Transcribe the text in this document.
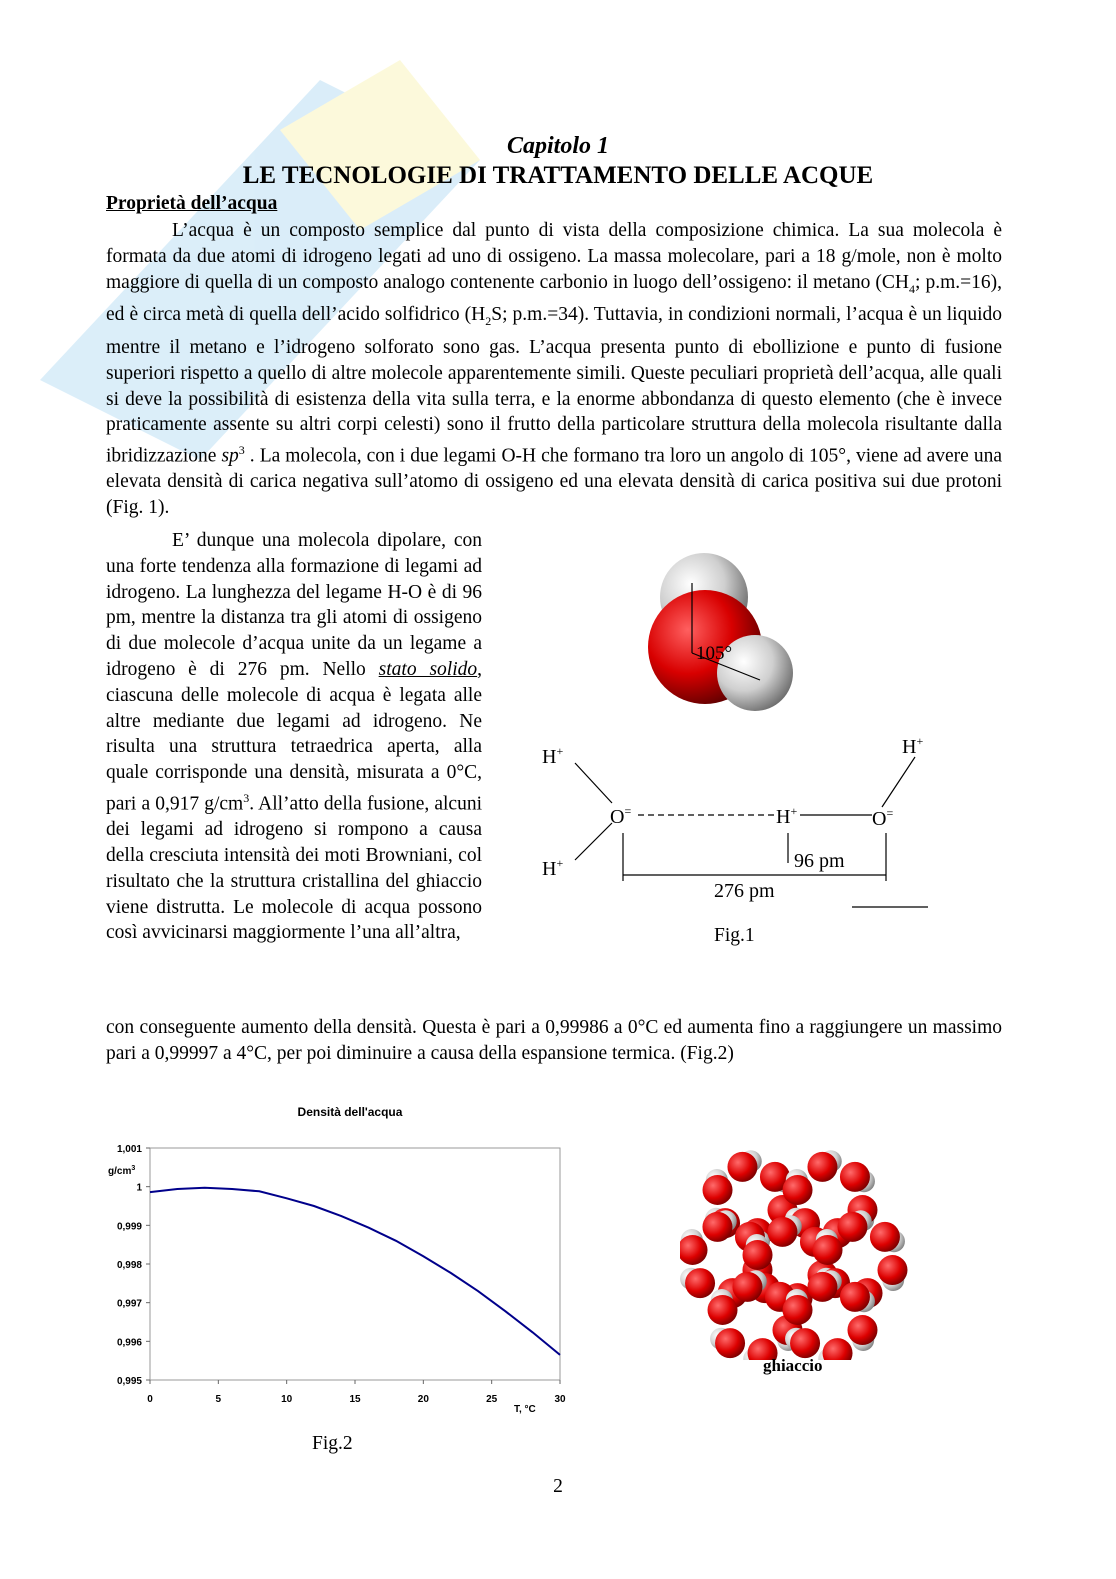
Capitolo 1
LE TECNOLOGIE DI TRATTAMENTO DELLE ACQUE
Proprietà dell’acqua
L’acqua è un composto semplice dal punto di vista della composizione chimica. La sua molecola è formata da due atomi di idrogeno legati ad uno di ossigeno. La massa molecolare, pari a 18 g/mole, non è molto maggiore di quella di un composto analogo contenente carbonio in luogo dell’ossigeno: il metano ($CH_4$; p.m.=16), ed è circa metà di quella dell’acido solfidrico ($H_2S$; p.m.=34). Tuttavia, in condizioni normali, l’acqua è un liquido mentre il metano e l’idrogeno solforato sono gas. L’acqua presenta punto di ebollizione e punto di fusione superiori rispetto a quello di altre molecole apparentemente simili. Queste peculiari proprietà dell’acqua, alle quali si deve la possibilità di esistenza della vita sulla terra, e la enorme abbondanza di questo elemento (che è invece praticamente assente su altri corpi celesti) sono il frutto della particolare struttura della molecola risultante dalla ibridizzazione $sp^3$ . La molecola, con i due legami O-H che formano tra loro un angolo di 105°, viene ad avere una elevata densità di carica negativa sull’atomo di ossigeno ed una elevata densità di carica positiva sui due protoni (Fig. 1).
E’ dunque una molecola dipolare, con una forte tendenza alla formazione di legami ad idrogeno. La lunghezza del legame H-O è di 96 pm, mentre la distanza tra gli atomi di ossigeno di due molecole d’acqua unite da un legame a idrogeno è di 276 pm. Nello stato solido, ciascuna delle molecole di acqua è legata alle altre mediante due legami ad idrogeno. Ne risulta una struttura tetraedrica aperta, alla quale corrisponde una densità, misurata a 0°C, pari a 0,917 $g/cm^3$. All’atto della fusione, alcuni dei legami ad idrogeno si rompono a causa della cresciuta intensità dei moti Browniani, col risultato che la struttura cristallina del ghiaccio viene distrutta. Le molecole di acqua possono così avvicinarsi maggiormente l’una all’altra,
con conseguente aumento della densità. Questa è pari a 0,99986 a 0°C ed aumenta fino a raggiungere un massimo pari a 0,99997 a 4°C, per poi diminuire a causa della espansione termica. (Fig.2)
105°
H+
H+
H+
O=	H+	O=
96 pm
276 pm
Fig.1
Densità dell'acqua
$g/cm^3$
T, °C
1,001
1
0,999
0,998
0,997
0,996
0,995
0	5	10	15	20	25	30
Fig.2
ghiaccio
2
